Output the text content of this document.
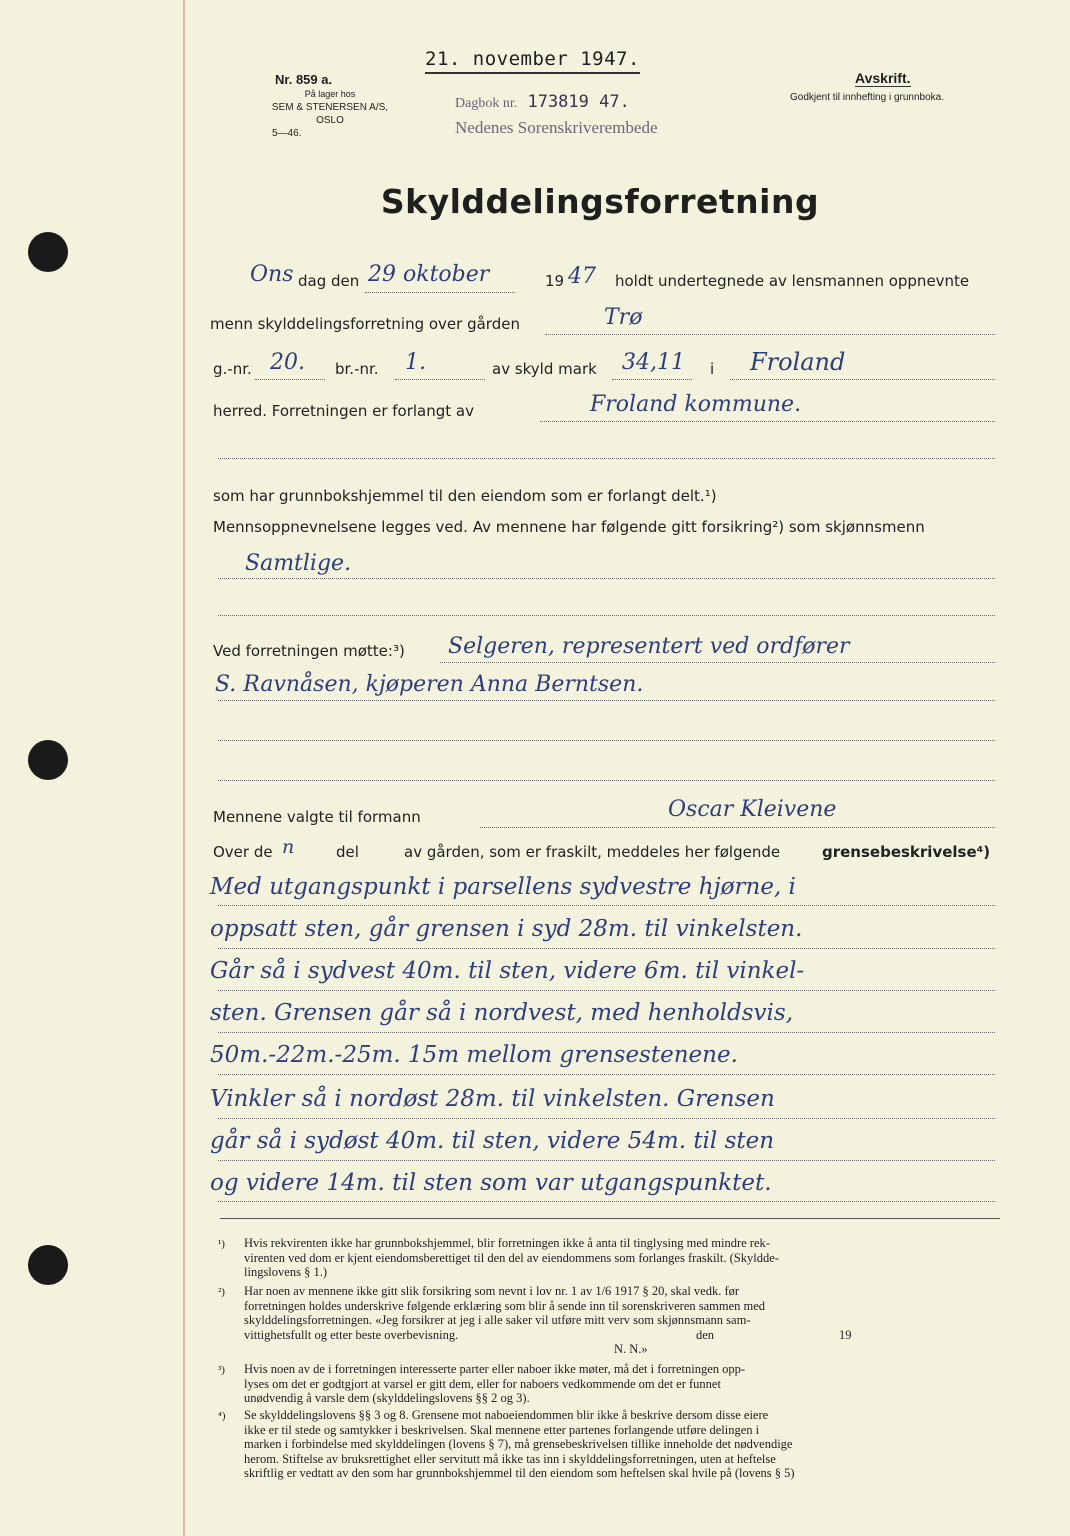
Nr. 859 a.
På lager hos
SEM & STENERSEN A/S, OSLO
5—46.
21. november 1947.
Dagbok nr. 173819 47.
Nedenes Sorenskriverembede
Avskrift.
Godkjent til innhefting i grunnboka.
Skylddelingsforretning
Ons dag den 29 oktober	19 47 holdt undertegnede av lensmannen oppnevnte
menn skylddelingsforretning over gården	Trø
g.-nr. 20. br.-nr. 1.	av skyld mark 34,11 i Froland
herred. Forretningen er forlangt av	Froland kommune.
som har grunnbokshjemmel til den eiendom som er forlangt delt.¹)
Mennsoppnevnelsene legges ved. Av mennene har følgende gitt forsikring²) som skjønnsmenn
Samtlige.
Ved forretningen møtte:³) Selgeren, representert ved ordfører
S. Ravnåsen, kjøperen Anna Berntsen.
Mennene valgte til formann	Oscar Kleivene
Over de n	del	av gården, som er fraskilt, meddeles her følgende	grensebeskrivelse⁴)
Med utgangspunkt i parsellens sydvestre hjørne, i
oppsatt sten, går grensen i syd 28m. til vinkelsten.
Går så i sydvest 40m. til sten, videre 6m. til vinkel-
sten. Grensen går så i nordvest, med henholdsvis,
50m.-22m.-25m. 15m mellom grensestenene.
Vinkler så i nordøst 28m. til vinkelsten. Grensen
går så i sydøst 40m. til sten, videre 54m. til sten
og videre 14m. til sten som var utgangspunktet.
¹) Hvis rekvirenten ikke har grunnbokshjemmel, blir forretningen ikke å anta til tinglysing med mindre rek-
virenten ved dom er kjent eiendomsberettiget til den del av eiendommens som forlanges fraskilt. (Skyldde-
lingslovens § 1.)
²) Har noen av mennene ikke gitt slik forsikring som nevnt i lov nr. 1 av 1/6 1917 § 20, skal vedk. før
forretningen holdes underskrive følgende erklæring som blir å sende inn til sorenskriveren sammen med
skylddelingsforretningen. «Jeg forsikrer at jeg i alle saker vil utføre mitt verv som skjønnsmann sam-
vittighetsfullt og etter beste overbevisning.	den	19
N. N.»
³) Hvis noen av de i forretningen interesserte parter eller naboer ikke møter, må det i forretningen opp-
lyses om det er godtgjort at varsel er gitt dem, eller for naboers vedkommende om det er funnet
unødvendig å varsle dem (skylddelingslovens §§ 2 og 3).
⁴) Se skylddelingslovens §§ 3 og 8. Grensene mot naboeiendommen blir ikke å beskrive dersom disse eiere
ikke er til stede og samtykker i beskrivelsen. Skal mennene etter partenes forlangende utføre delingen i
marken i forbindelse med skylddelingen (lovens § 7), må grensebeskrivelsen tillike inneholde det nødvendige
herom. Stiftelse av bruksrettighet eller servitutt må ikke tas inn i skylddelingsforretningen, uten at heftelse
skriftlig er vedtatt av den som har grunnbokshjemmel til den eiendom som heftelsen skal hvile på (lovens § 5)
